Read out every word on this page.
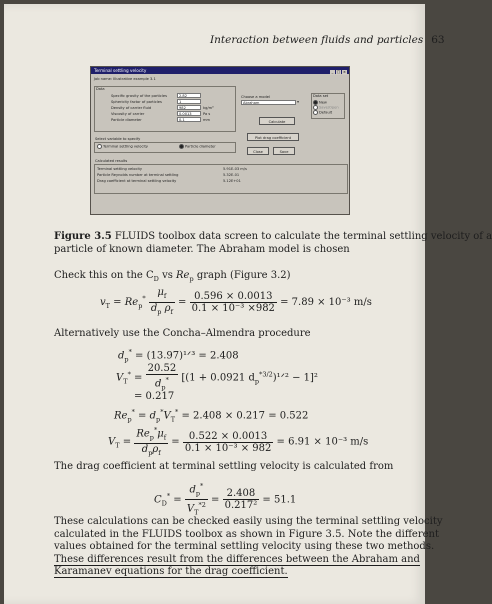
Interaction between fluids and particles 63
Terminal settling velocity	_ □ ×
Job name: Illustrative example 3.1
Data
Specific gravity of the particles	2.82
Sphericity factor of particles	1
Density of carrier fluid	982	kg/m³
Viscosity of carrier	0.0013	Pa s
Particle diameter	0.1	mm
Select variable to specify
Terminal settling velocity	Particle diameter
Choose a model
Abraham	▾
Data set
New
Save/Open
Default
Calculate
Plot drag coefficient
Close	Save
Calculated results
Terminal settling velocity	5.91E-03 m/s
Particle Reynolds number at terminal settling	5.32E-01
Drag coefficient at terminal settling velocity	5.12E+01
Figure 3.5 FLUIDS toolbox data screen to calculate the terminal settling velocity of a
particle of known diameter. The Abraham model is chosen
Check this on the $C_D$ vs $Re_p$ graph (Figure 3.2)
$v_T = Re_p^* \frac{\mu_f}{d_p \rho_f} = \frac{0.596 \times 0.0013}{\text{0.1 × 10⁻³ ×982}} = 7.89 \times 10^{-3}$ m/s
Alternatively use the Concha–Almendra procedure
$d_p^*$ = (13.97)¹ᐟ³ = 2.408
$V_T^* = \frac{20.52}{d_p^*} [(1 + 0.0921$ $d_p^{*3/2})^1ᐟ^2 - 1]^2$
= 0.217
$Re_p^* = d_p^*V_T^* = 2.408 \times 0.217 = 0.522$
$V_T = \frac{Re_p^*\mu_f}{d_p\rho_f} = \frac{0.522 \times 0.0013}{\text{0.1 × 10⁻³ × 982}} = 6.91 \times 10^{-3}$ m/s
The drag coefficient at terminal settling velocity is calculated from
$C_D^* = \frac{d_p^*}{V_T^{*2}} = \frac{2.408}{\text{0.217²}} = 51.1$
These calculations can be checked easily using the terminal settling velocity
calculated in the FLUIDS toolbox as shown in Figure 3.5. Note the different
values obtained for the terminal settling velocity using these two methods.
These differences result from the differences between the Abraham and
Karamanev equations for the drag coefficient.
